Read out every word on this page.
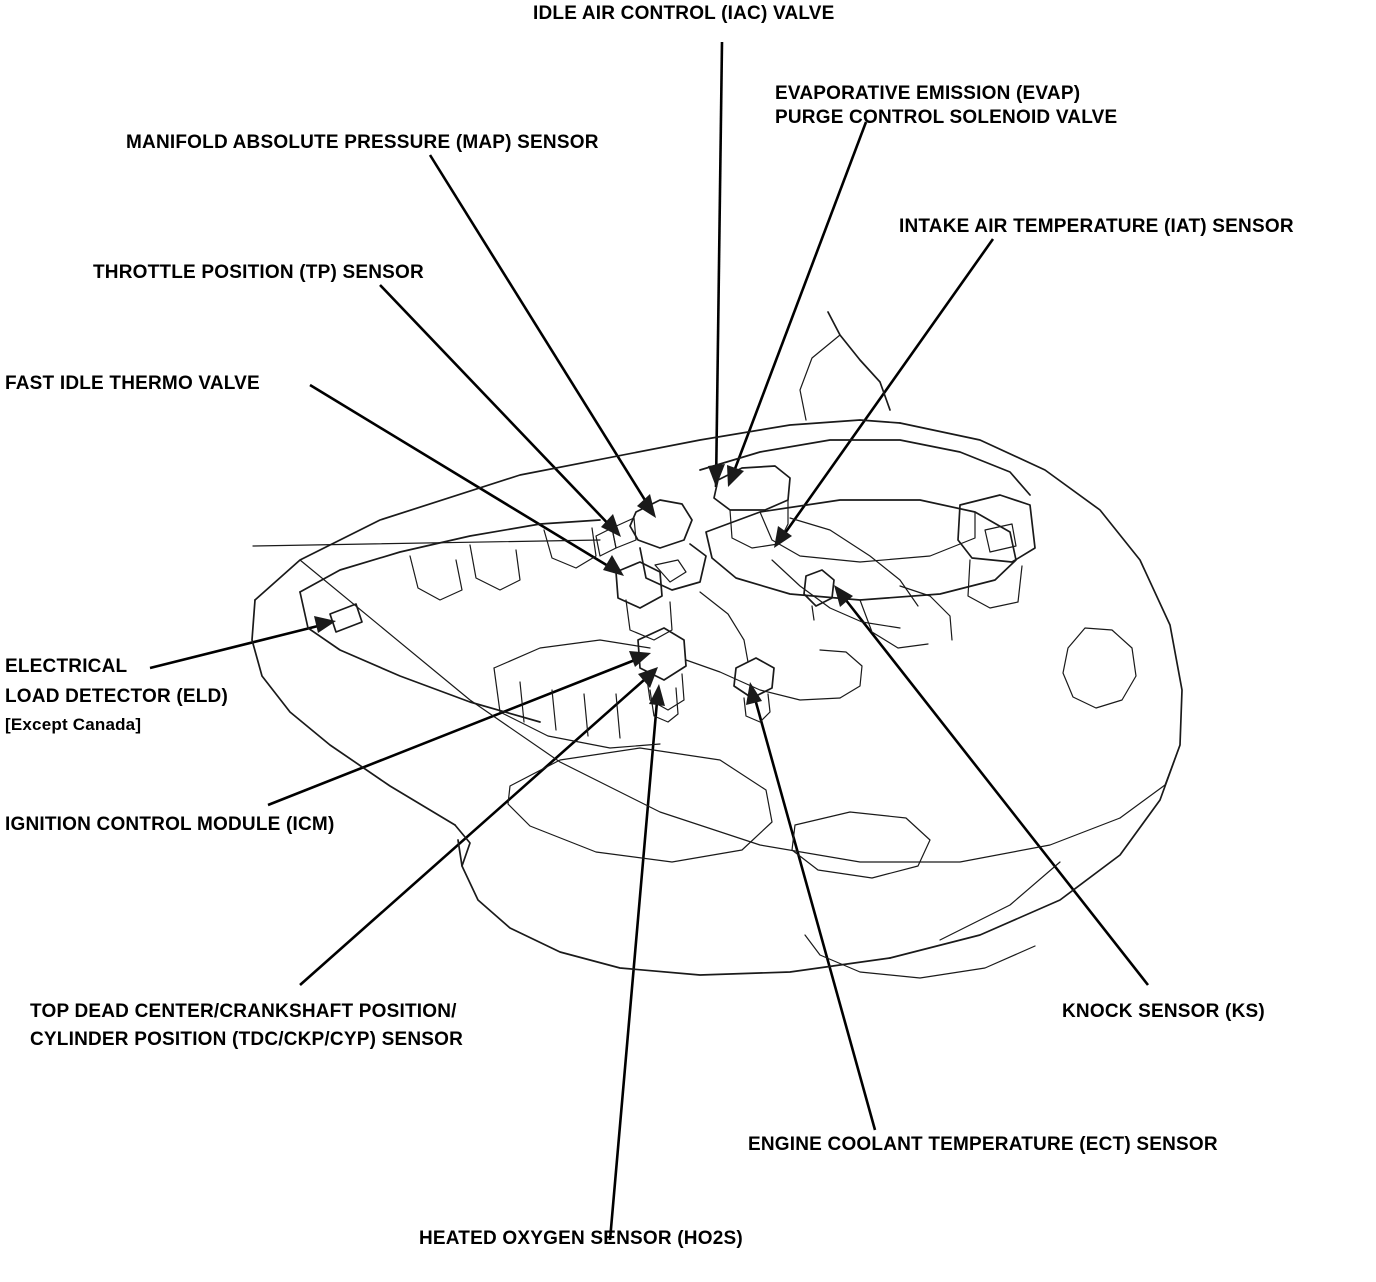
IDLE AIR CONTROL (IAC) VALVE
EVAPORATIVE EMISSION (EVAP)
PURGE CONTROL SOLENOID VALVE
MANIFOLD ABSOLUTE PRESSURE (MAP) SENSOR
INTAKE AIR TEMPERATURE (IAT) SENSOR
THROTTLE POSITION (TP) SENSOR
FAST IDLE THERMO VALVE
ELECTRICAL
LOAD DETECTOR (ELD)
[Except Canada]
IGNITION CONTROL MODULE (ICM)
TOP DEAD CENTER/CRANKSHAFT POSITION/
CYLINDER POSITION (TDC/CKP/CYP) SENSOR
KNOCK SENSOR (KS)
ENGINE COOLANT TEMPERATURE (ECT) SENSOR
HEATED OXYGEN SENSOR (HO2S)
